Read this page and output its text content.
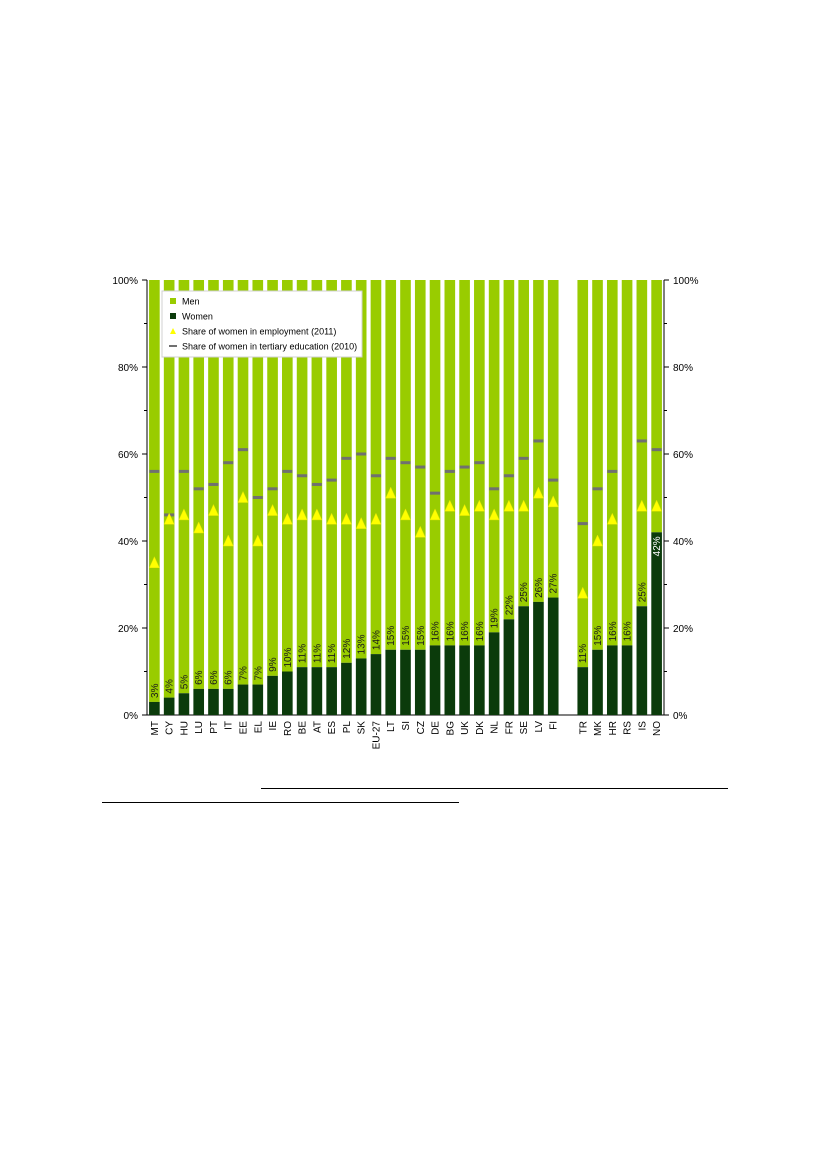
0%	0%
20%	20%
40%	40%
60%	60%
80%	80%
100%	100%
MT
3%
CY
4%
HU
5%
LU
6%
PT
6%
IT
6%
EE
7%
EL
7%
IE
9%
RO
10%
BE
11%
AT
11%
ES
11%
PL
12%
SK
13%
EU-27
14%
LT
15%
SI
15%
CZ
15%
DE
16%
BG
16%
UK
16%
DK
16%
NL
19%
FR
22%
SE
25%
LV
26%
FI
27%
TR
11%
MK
15%
HR
16%
RS
16%
IS
25%
NO
42%
Men
Women
Share of women in employment (2011)
Share of women in tertiary education (2010)
